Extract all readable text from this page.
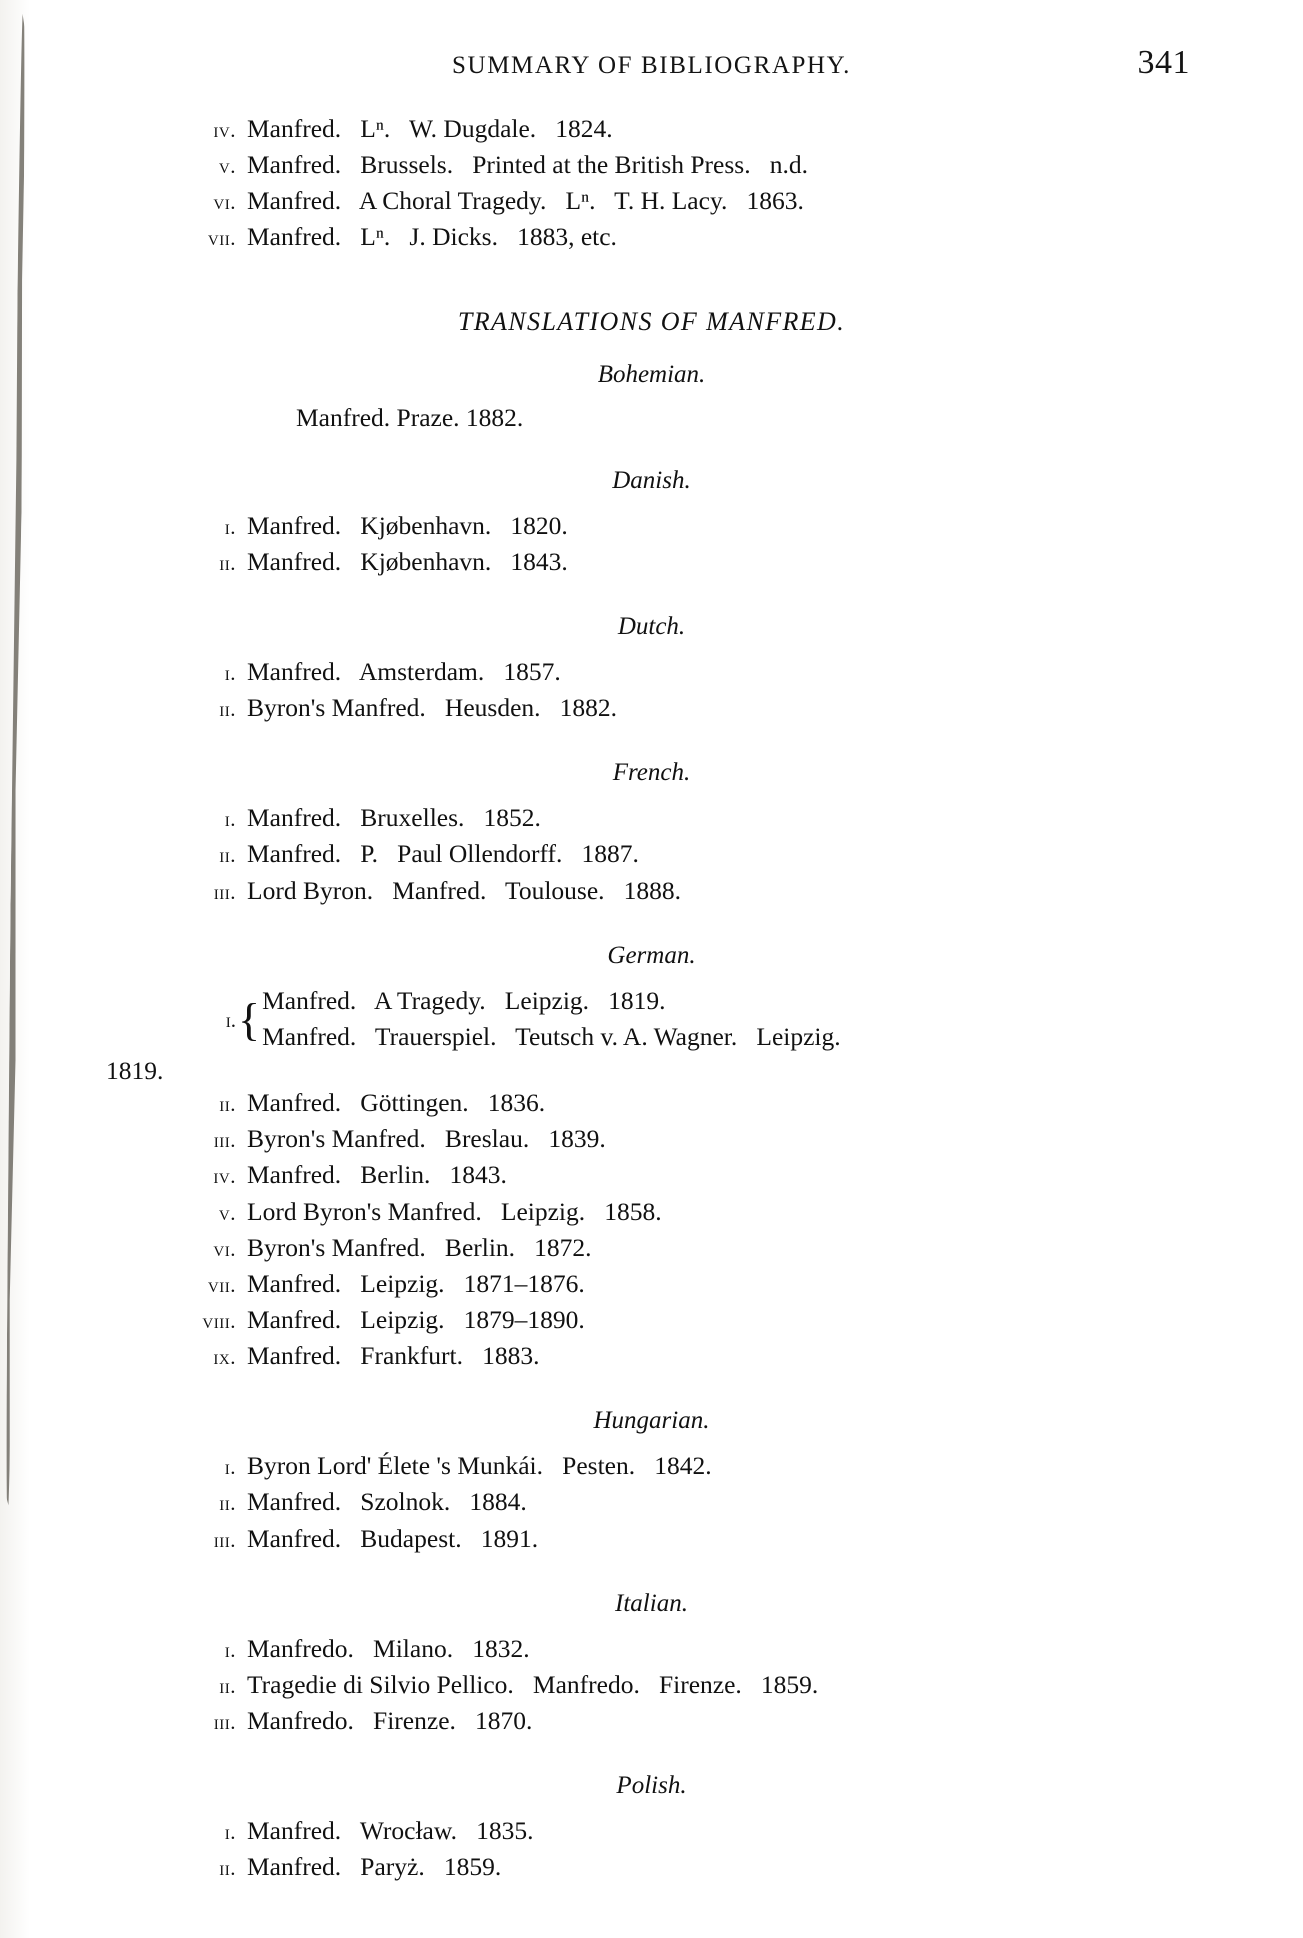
SUMMARY OF BIBLIOGRAPHY.	341
iv. Manfred.   Lⁿ.   W. Dugdale.   1824.
v. Manfred.   Brussels.   Printed at the British Press.   n.d.
vi. Manfred.   A Choral Tragedy.   Lⁿ.   T. H. Lacy.   1863.
vii. Manfred.   Lⁿ.   J. Dicks.   1883, etc.
TRANSLATIONS OF MANFRED.
Bohemian.
Manfred. Praze. 1882.
Danish.
i. Manfred.   Kjøbenhavn.   1820.
ii. Manfred.   Kjøbenhavn.   1843.
Dutch.
i. Manfred.   Amsterdam.   1857.
ii. Byron's Manfred.   Heusden.   1882.
French.
i. Manfred.   Bruxelles.   1852.
ii. Manfred.   P.   Paul Ollendorff.   1887.
iii. Lord Byron.   Manfred.   Toulouse.   1888.
German.
i. { Manfred.   A Tragedy.   Leipzig.   1819.
Manfred.   Trauerspiel.   Teutsch v. A. Wagner.   Leipzig.
1819.
ii. Manfred.   Göttingen.   1836.
iii. Byron's Manfred.   Breslau.   1839.
iv. Manfred.   Berlin.   1843.
v. Lord Byron's Manfred.   Leipzig.   1858.
vi. Byron's Manfred.   Berlin.   1872.
vii. Manfred.   Leipzig.   1871–1876.
viii. Manfred.   Leipzig.   1879–1890.
ix. Manfred.   Frankfurt.   1883.
Hungarian.
i. Byron Lord' Élete 's Munkái.   Pesten.   1842.
ii. Manfred.   Szolnok.   1884.
iii. Manfred.   Budapest.   1891.
Italian.
i. Manfredo.   Milano.   1832.
ii. Tragedie di Silvio Pellico.   Manfredo.   Firenze.   1859.
iii. Manfredo.   Firenze.   1870.
Polish.
i. Manfred.   Wrocław.   1835.
ii. Manfred.   Paryż.   1859.
